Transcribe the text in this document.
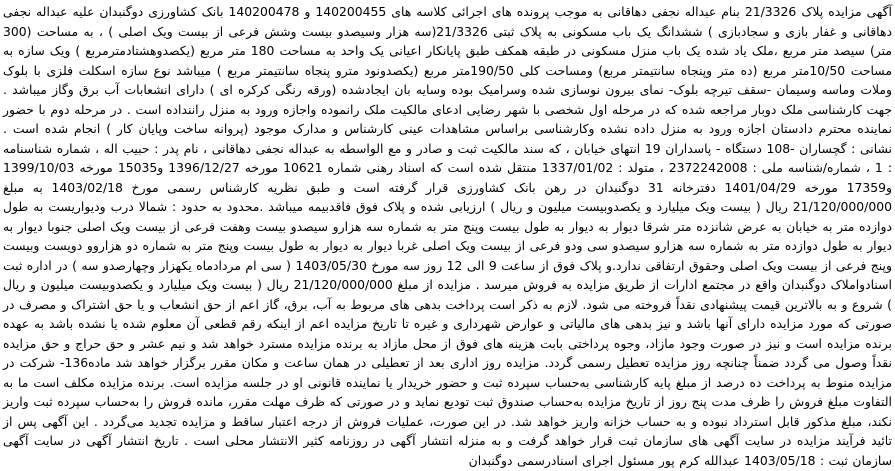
آگهی مزایده پلاک 21/3326 بنام عبداله نجفی دهاقانی به موجب پرونده های اجرائی کلاسه های 140200455 و 140200478 بانک کشاورزی دوگنبدان علیه عبداله نجفی دهاقانی و غفار بازی و سجادبازی ) ششدانگ یک باب مسکونی به پلاک ثبتی 21/3326(سه هزار وسیصدو بیست وشش فرعی از بیست ویک اصلی ) ، به مساحت (300 متر) سیصد متر مربع ،ملک یاد شده یک باب منزل مسکونی در طبقه همکف طبق پایانکار اعیانی یک واحد به مساحت 180 متر مربع (یکصدوهشتادمترمربع ) ویک سازه به مساحت 10/50متر مربع (ده متر وپنجاه سانتیمتر مربع) ومساحت کلی 190/50متر مربع (یکصدونود مترو پنجاه سانتیمتر مربع ) میباشد نوع سازه اسکلت فلزی با بلوک وملات وماسه وسیمان -سقف تیرچه بلوک- نمای بیرون نوسازی شده وسرامیک بوده وسایه بان ایجادشده (ورقه رنگی کرکره ای ) دارای انشعابات آب برق وگاز میباشد . جهت کارشناسی ملک دوبار مراجعه شده که در مرحله اول شخصی با شهر رضایی ادعای مالکیت ملک رانموده واجازه ورود به منزل راننداده است . در مرحله دوم با حضور نماینده محترم دادستان اجازه ورود به منزل داده نشده وکارشناسی براساس مشاهدات عینی کارشناس و مدارک موجود (پروانه ساخت وپایان کار ) انجام شده است . نشانی : گچساران -108 دستگاه - پاسداران 19 انتهای خیابان ، که سند مالکیت ثبت و صادر و مع الواسطه به عبداله نجفی دهاقانی ، نام پدر : حبیب اله ، شماره شناسنامه : 1 ، شماره/شناسه ملی : 2372242008 ، متولد : 1337/01/02 منتقل شده است که اسناد رهنی شماره 10621 مورخه 1396/12/27 و15035 مورخه 1399/10/03 و17359 مورخه 1401/04/29 دفترخانه 31 دوگنبدان در رهن بانک کشاورزی قرار گرفته است و طبق نظریه کارشناس رسمی مورخ 1403/02/18 به مبلغ 21/120/000/000 ریال ( بیست ویک میلیارد و یکصدوبیست میلیون و ریال ) ارزیابی شده و پلاک فوق فاقدبیمه میباشد .محدود به حدود : شمالا درب ودیواریست به طول دوازده متر به خیابان به عرض شانزده متر شرقا دیوار به دیوار به طول بیست وپنج متر به شماره سه هزارو سیصدو بیست وهفت فرعی از بیست ویک اصلی جنوبا دیوار به دیوار به طول دوازده متر به شماره سه هزارو سیصدو سی ودو فرعی از بیست ویک اصلی غربا دیوار به دیوار به طول بیست وپنج متر به شماره دو هزاروو دویست وبیست وپنج فرعی از بیست ویک اصلی وحقوق ارتفاقی ندارد.و پلاک فوق از ساعت 9 الی 12 روز سه مورخ 1403/05/30 ( سی ام مردادماه یکهزار وچهارصدو سه ) در اداره ثبت اسنادواملاک دوگنبدان واقع در مجتمع ادارات از طریق مزایده به فروش میرسد . مزایده از مبلغ 21/120/000/000 ریال ( بیست ویک میلیارد و یکصدوبیست میلیون و ریال ) شروع و به بالاترین قیمت پیشنهادی نقداً فروخته می شود. لازم به ذکر است پرداخت بدهی های مربوط به آب، برق، گاز اعم از حق انشعاب و یا حق اشتراک و مصرف در صورتی که مورد مزایده دارای آنها باشد و نیز بدهی های مالیاتی و عوارض شهرداری و غیره تا تاریخ مزایده اعم از اینکه رقم قطعی آن معلوم شده یا نشده باشد به عهده برنده مزایده است و نیز در صورت وجود مازاد، وجوه پرداختی بابت هزینه های فوق از محل مازاد به برنده مزایده مسترد خواهد شد و نیم عشر و حق حراج و حق مزایده نقداً وصول می گردد ضمناً چنانچه روز مزایده تعطیل رسمی گردد. مزایده روز اداری بعد از تعطیلی در همان ساعت و مکان مقرر برگزار خواهد شد ماده136- شرکت در مزایده منوط به پرداخت ده درصد از مبلغ پایه کارشناسی به‌حساب سپرده ثبت و حضور خریدار یا نماینده قانونی او در جلسه مزایده است. برنده مزایده مکلف است ما به التفاوت مبلغ فروش را ظرف مدت پنج روز از تاریخ مزایده به‌حساب صندوق ثبت تودیع نماید و در صورتی که ظرف مهلت مقرر، مانده فروش را به‌حساب سپرده ثبت واریز نکند، مبلغ مذکور قابل استرداد نبوده و به حساب خزانه واریز خواهد شد. در این صورت، عملیات فروش از درجه اعتبار ساقط و مزایده تجدید می‌گردد . این آگهی پس از تائید فرآیند مزایده در سایت آگهی های سازمان ثبت قرار خواهد گرفت و به منزله انتشار آگهی در روزنامه کثیر الانتشار محلی است . تاریخ انتشار آگهی در سایت آگهی سازمان ثبت : 1403/05/18 عبدالله کرم پور مسئول اجرای اسنادرسمی دوگنبدان
